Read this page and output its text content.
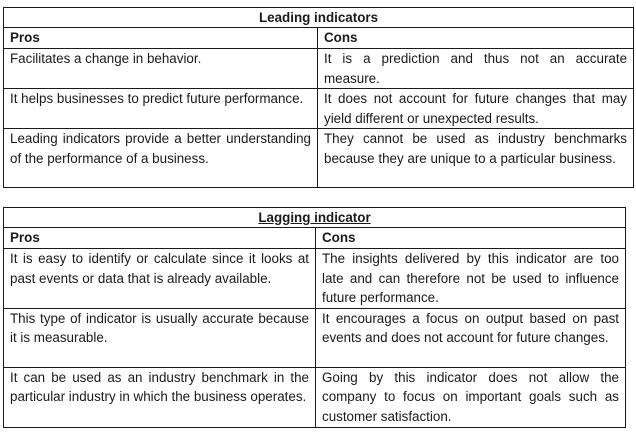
Leading indicators	
Pros	Cons
Facilitates a change in behavior.	It is a prediction and thus not an accurate measure.
It helps businesses to predict future performance.	It does not account for future changes that may yield different or unexpected results.
Leading indicators provide a better understanding of the performance of a business.	They cannot be used as industry benchmarks because they are unique to a particular business.
Lagging indicator	
Pros	Cons
It is easy to identify or calculate since it looks at past events or data that is already available.	The insights delivered by this indicator are too late and can therefore not be used to influence future performance.
This type of indicator is usually accurate because it is measurable.	It encourages a focus on output based on past events and does not account for future changes.
It can be used as an industry benchmark in the particular industry in which the business operates.	Going by this indicator does not allow the company to focus on important goals such as customer satisfaction.
